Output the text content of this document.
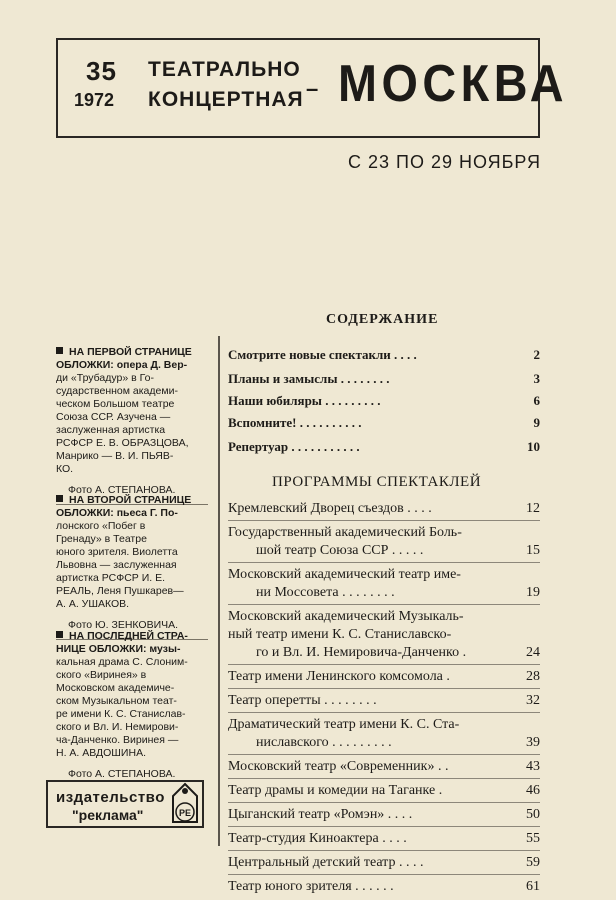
35
1972
ТЕАТРАЛЬНО
КОНЦЕРТНАЯ – МОСКВА
С 23 ПО 29 НОЯБРЯ
СОДЕРЖАНИЕ
Смотрите новые спектакли . . . .	2
Планы и замыслы . . . . . . . .	3
Наши юбиляры . . . . . . . . .	6
Вспомните! . . . . . . . . . .	9
Репертуар . . . . . . . . . . .	10
ПРОГРАММЫ СПЕКТАКЛЕЙ
Кремлевский Дворец съездов . . . .	12
Государственный академический Боль-
шой театр Союза ССР . . . . .	15
Московский академический театр име-
ни Моссовета . . . . . . . .	19
Московский академический Музыкаль-
ный театр имени К. С. Станиславско-
го и Вл. И. Немировича-Данченко .	24
Театр имени Ленинского комсомола .	28
Театр оперетты . . . . . . . .	32
Драматический театр имени К. С. Ста-
ниславского . . . . . . . . .	39
Московский театр «Современник» . .	43
Театр драмы и комедии на Таганке .	46
Цыганский театр «Ромэн» . . . .	50
Театр-студия Киноактера . . . .	55
Центральный детский театр . . . .	59
Театр юного зрителя . . . . . .	61
НА ПЕРВОЙ СТРАНИЦЕ
ОБЛОЖКИ: опера Д. Вер-
ди «Трубадур» в Го-
сударственном академи-
ческом Большом театре
Союза ССР. Азучена —
заслуженная артистка
РСФСР Е. В. ОБРАЗЦОВА,
Манрико — В. И. ПЬЯВ-
КО.
Фото А. СТЕПАНОВА.
НА ВТОРОЙ СТРАНИЦЕ
ОБЛОЖКИ: пьеса Г. По-
лонского «Побег в
Гренаду» в Театре
юного зрителя. Виолетта
Львовна — заслуженная
артистка РСФСР И. Е.
РЕАЛЬ, Леня Пушкарев—
А. А. УШАКОВ.
Фото Ю. ЗЕНКОВИЧА.
НА ПОСЛЕДНЕЙ СТРА-
НИЦЕ ОБЛОЖКИ: музы-
кальная драма С. Слоним-
ского «Виринея» в
Московском академиче-
ском Музыкальном теат-
ре имени К. С. Станислав-
ского и Вл. И. Немирови-
ча-Данченко. Виринея —
Н. А. АВДОШИНА.
Фото А. СТЕПАНОВА.
издательство
"реклама"	РЕ
